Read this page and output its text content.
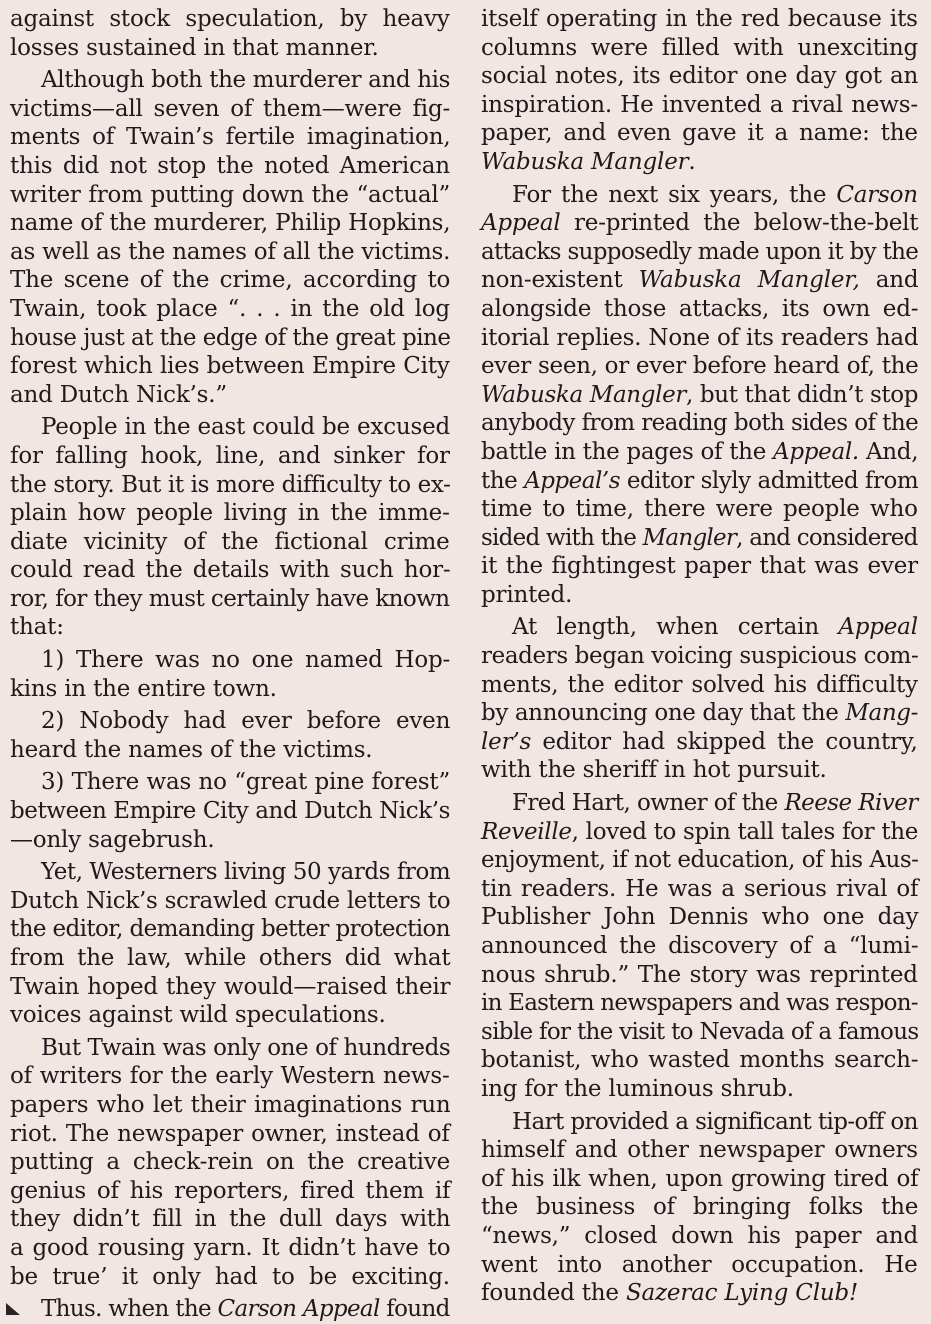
against stock speculation, by heavy
losses sustained in that manner.
Although both the murderer and his
victims—all seven of them—were fig-
ments of Twain’s fertile imagination,
this did not stop the noted American
writer from putting down the “actual”
name of the murderer, Philip Hopkins,
as well as the names of all the victims.
The scene of the crime, according to
Twain, took place “. . . in the old log
house just at the edge of the great pine
forest which lies between Empire City
and Dutch Nick’s.”
People in the east could be excused
for falling hook, line, and sinker for
the story. But it is more difficulty to ex-
plain how people living in the imme-
diate vicinity of the fictional crime
could read the details with such hor-
ror, for they must certainly have known
that:
1) There was no one named Hop-
kins in the entire town.
2) Nobody had ever before even
heard the names of the victims.
3) There was no “great pine forest”
between Empire City and Dutch Nick’s
—only sagebrush.
Yet, Westerners living 50 yards from
Dutch Nick’s scrawled crude letters to
the editor, demanding better protection
from the law, while others did what
Twain hoped they would—raised their
voices against wild speculations.
But Twain was only one of hundreds
of writers for the early Western news-
papers who let their imaginations run
riot. The newspaper owner, instead of
putting a check-rein on the creative
genius of his reporters, fired them if
they didn’t fill in the dull days with
a good rousing yarn. It didn’t have to
be true’ it only had to be exciting.
Thus. when the Carson Appeal found
itself operating in the red because its
columns were filled with unexciting
social notes, its editor one day got an
inspiration. He invented a rival news-
paper, and even gave it a name: the
Wabuska Mangler.
For the next six years, the Carson
Appeal re-printed the below-the-belt
attacks supposedly made upon it by the
non-existent Wabuska Mangler, and
alongside those attacks, its own ed-
itorial replies. None of its readers had
ever seen, or ever before heard of, the
Wabuska Mangler, but that didn’t stop
anybody from reading both sides of the
battle in the pages of the Appeal. And,
the Appeal’s editor slyly admitted from
time to time, there were people who
sided with the Mangler, and considered
it the fightingest paper that was ever
printed.
At length, when certain Appeal
readers began voicing suspicious com-
ments, the editor solved his difficulty
by announcing one day that the Mang-
ler’s editor had skipped the country,
with the sheriff in hot pursuit.
Fred Hart, owner of the Reese River
Reveille, loved to spin tall tales for the
enjoyment, if not education, of his Aus-
tin readers. He was a serious rival of
Publisher John Dennis who one day
announced the discovery of a “lumi-
nous shrub.” The story was reprinted
in Eastern newspapers and was respon-
sible for the visit to Nevada of a famous
botanist, who wasted months search-
ing for the luminous shrub.
Hart provided a significant tip-off on
himself and other newspaper owners
of his ilk when, upon growing tired of
the business of bringing folks the
“news,” closed down his paper and
went into another occupation. He
founded the Sazerac Lying Club!
